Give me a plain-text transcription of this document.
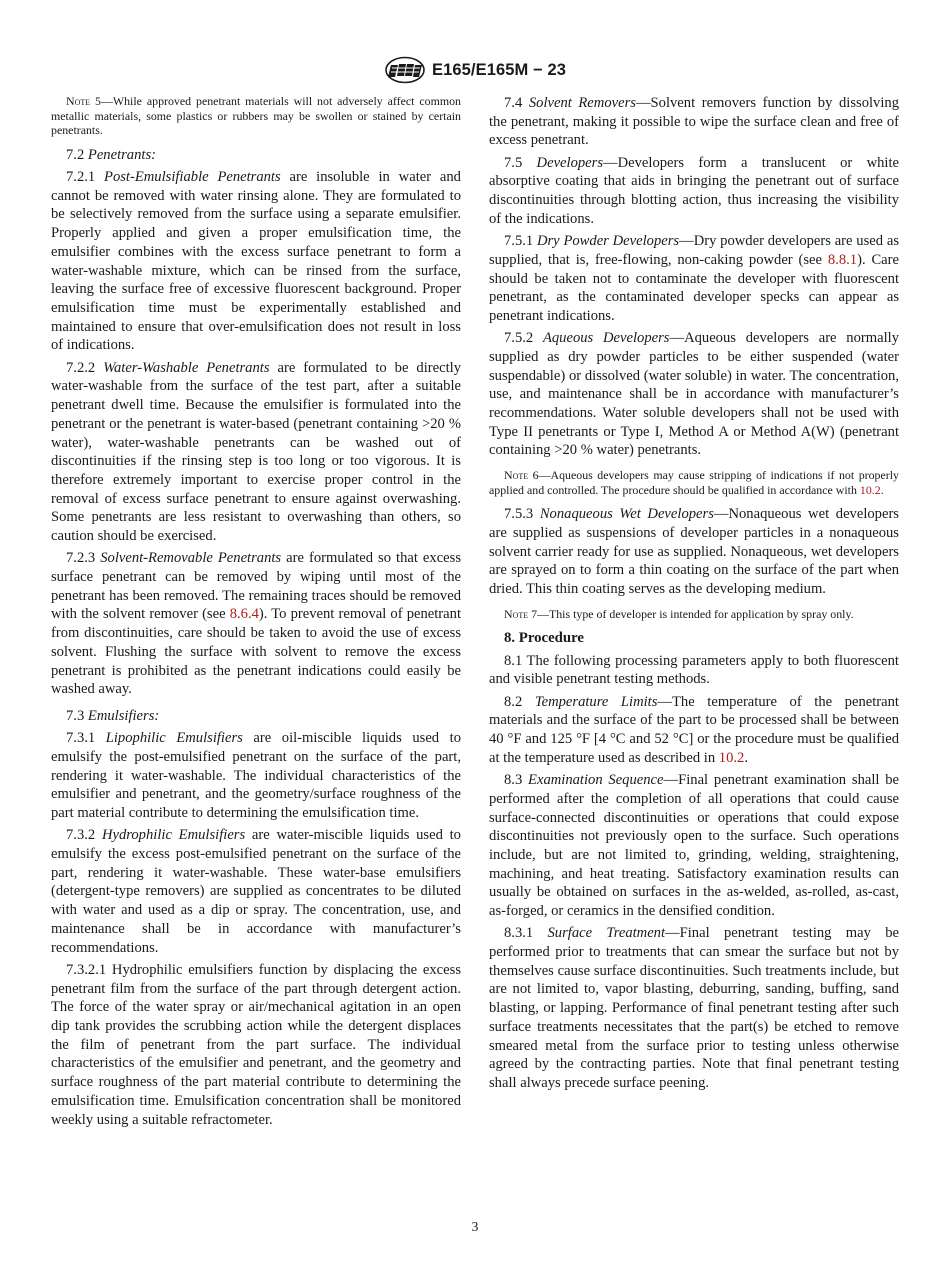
E165/E165M − 23

Note 5—While approved penetrant materials will not adversely affect common metallic materials, some plastics or rubbers may be swollen or stained by certain penetrants.

7.2 Penetrants:

7.2.1 Post-Emulsifiable Penetrants are insoluble in water and cannot be removed with water rinsing alone. They are formulated to be selectively removed from the surface using a separate emulsifier. Properly applied and given a proper emulsification time, the emulsifier combines with the excess surface penetrant to form a water-washable mixture, which can be rinsed from the surface, leaving the surface free of excessive fluorescent background. Proper emulsification time must be experimentally established and maintained to ensure that over-emulsification does not result in loss of indications.

7.2.2 Water-Washable Penetrants are formulated to be directly water-washable from the surface of the test part, after a suitable penetrant dwell time. Because the emulsifier is formulated into the penetrant or the penetrant is water-based (penetrant containing >20 % water), water-washable penetrants can be washed out of discontinuities if the rinsing step is too long or too vigorous. It is therefore extremely important to exercise proper control in the removal of excess surface penetrant to ensure against overwashing. Some penetrants are less resistant to overwashing than others, so caution should be exercised.

7.2.3 Solvent-Removable Penetrants are formulated so that excess surface penetrant can be removed by wiping until most of the penetrant has been removed. The remaining traces should be removed with the solvent remover (see 8.6.4). To prevent removal of penetrant from discontinuities, care should be taken to avoid the use of excess solvent. Flushing the surface with solvent to remove the excess penetrant is prohibited as the penetrant indications could easily be washed away.

7.3 Emulsifiers:

7.3.1 Lipophilic Emulsifiers are oil-miscible liquids used to emulsify the post-emulsified penetrant on the surface of the part, rendering it water-washable. The individual characteristics of the emulsifier and penetrant, and the geometry/surface roughness of the part material contribute to determining the emulsification time.

7.3.2 Hydrophilic Emulsifiers are water-miscible liquids used to emulsify the excess post-emulsified penetrant on the surface of the part, rendering it water-washable. These water-base emulsifiers (detergent-type removers) are supplied as concentrates to be diluted with water and used as a dip or spray. The concentration, use, and maintenance shall be in accordance with manufacturer’s recommendations.

7.3.2.1 Hydrophilic emulsifiers function by displacing the excess penetrant film from the surface of the part through detergent action. The force of the water spray or air/mechanical agitation in an open dip tank provides the scrubbing action while the detergent displaces the film of penetrant from the part surface. The individual characteristics of the emulsifier and penetrant, and the geometry and surface roughness of the part material contribute to determining the emulsification time. Emulsification concentration shall be monitored weekly using a suitable refractometer.

7.4 Solvent Removers—Solvent removers function by dissolving the penetrant, making it possible to wipe the surface clean and free of excess penetrant.

7.5 Developers—Developers form a translucent or white absorptive coating that aids in bringing the penetrant out of surface discontinuities through blotting action, thus increasing the visibility of the indications.

7.5.1 Dry Powder Developers—Dry powder developers are used as supplied, that is, free-flowing, non-caking powder (see 8.8.1). Care should be taken not to contaminate the developer with fluorescent penetrant, as the contaminated developer specks can appear as penetrant indications.

7.5.2 Aqueous Developers—Aqueous developers are normally supplied as dry powder particles to be either suspended (water suspendable) or dissolved (water soluble) in water. The concentration, use, and maintenance shall be in accordance with manufacturer’s recommendations. Water soluble developers shall not be used with Type II penetrants or Type I, Method A or Method A(W) (penetrant containing >20 % water) penetrants.

Note 6—Aqueous developers may cause stripping of indications if not properly applied and controlled. The procedure should be qualified in accordance with 10.2.

7.5.3 Nonaqueous Wet Developers—Nonaqueous wet developers are supplied as suspensions of developer particles in a nonaqueous solvent carrier ready for use as supplied. Nonaqueous, wet developers are sprayed on to form a thin coating on the surface of the part when dried. This thin coating serves as the developing medium.

Note 7—This type of developer is intended for application by spray only.

8. Procedure

8.1 The following processing parameters apply to both fluorescent and visible penetrant testing methods.

8.2 Temperature Limits—The temperature of the penetrant materials and the surface of the part to be processed shall be between 40 °F and 125 °F [4 °C and 52 °C] or the procedure must be qualified at the temperature used as described in 10.2.

8.3 Examination Sequence—Final penetrant examination shall be performed after the completion of all operations that could cause surface-connected discontinuities or operations that could expose discontinuities not previously open to the surface. Such operations include, but are not limited to, grinding, welding, straightening, machining, and heat treating. Satisfactory examination results can usually be obtained on surfaces in the as-welded, as-rolled, as-cast, as-forged, or ceramics in the densified condition.

8.3.1 Surface Treatment—Final penetrant testing may be performed prior to treatments that can smear the surface but not by themselves cause surface discontinuities. Such treatments include, but are not limited to, vapor blasting, deburring, sanding, buffing, sand blasting, or lapping. Performance of final penetrant testing after such surface treatments necessitates that the part(s) be etched to remove smeared metal from the surface prior to testing unless otherwise agreed by the contracting parties. Note that final penetrant testing shall always precede surface peening.

3
